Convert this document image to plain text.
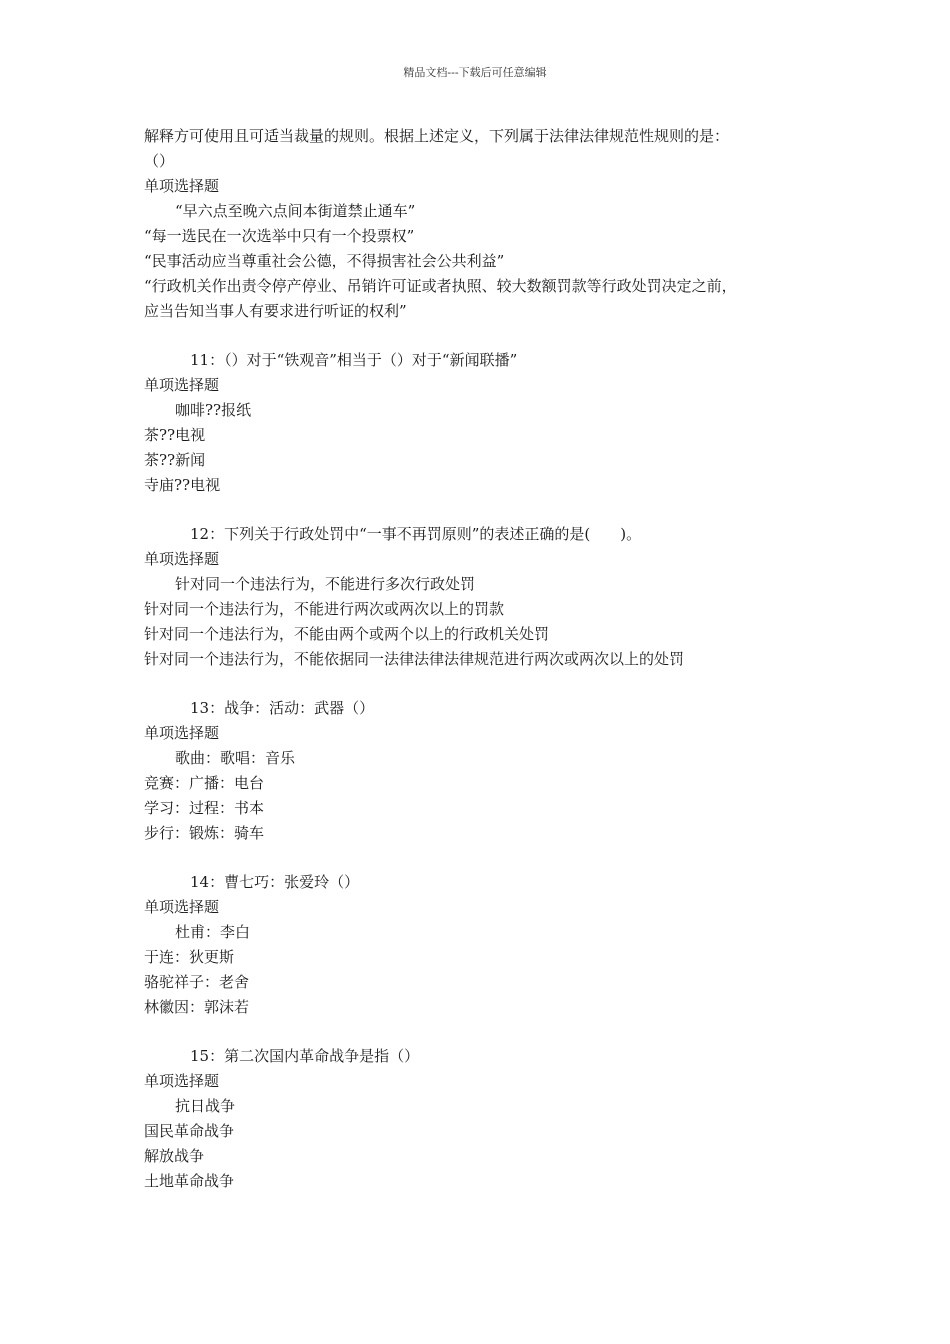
精品文档---下载后可任意编辑
解释方可使用且可适当裁量的规则。根据上述定义，下列属于法律法律规范性规则的是：
（）
单项选择题
“早六点至晚六点间本街道禁止通车”
“每一选民在一次选举中只有一个投票权”
“民事活动应当尊重社会公德，不得损害社会公共利益”
“行政机关作出责令停产停业、吊销许可证或者执照、较大数额罚款等行政处罚决定之前，
应当告知当事人有要求进行听证的权利”
11：（）对于“铁观音”相当于（）对于“新闻联播”
单项选择题
咖啡??报纸
茶??电视
茶??新闻
寺庙??电视
12：下列关于行政处罚中“一事不再罚原则”的表述正确的是(　　)。
单项选择题
针对同一个违法行为，不能进行多次行政处罚
针对同一个违法行为，不能进行两次或两次以上的罚款
针对同一个违法行为，不能由两个或两个以上的行政机关处罚
针对同一个违法行为，不能依据同一法律法律法律规范进行两次或两次以上的处罚
13：战争：活动：武器（）
单项选择题
歌曲：歌唱：音乐
竞赛：广播：电台
学习：过程：书本
步行：锻炼：骑车
14：曹七巧：张爱玲（）
单项选择题
杜甫：李白
于连：狄更斯
骆驼祥子：老舍
林徽因：郭沫若
15：第二次国内革命战争是指（）
单项选择题
抗日战争
国民革命战争
解放战争
土地革命战争
